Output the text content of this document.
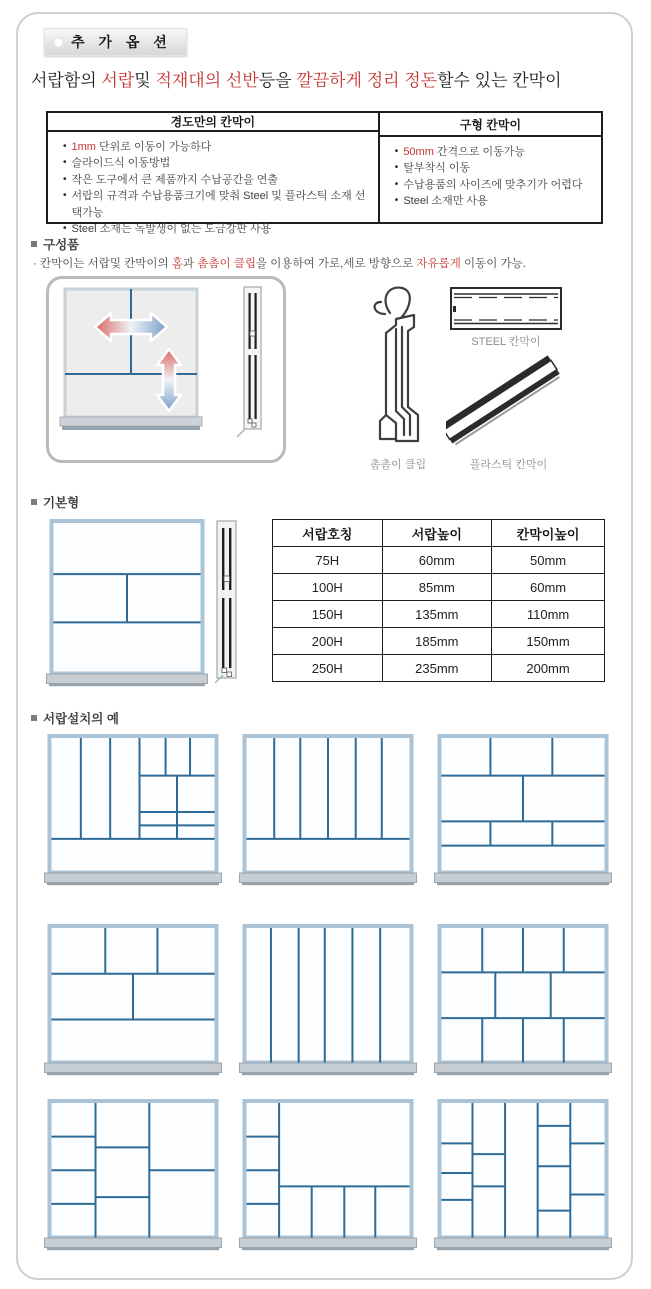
추 가 옵 션
서랍함의 서랍및 적재대의 선반등을 깔끔하게 정리 정돈할수 있는 칸막이
경도만의 칸막이
• 1mm 단위로 이동이 가능하다
• 슬라이드식 이동방법
• 작은 도구에서 큰 제품까지 수납공간을 연출
• 서랍의 규격과 수납용품크기에 맞춰 Steel 및 플라스틱 소재 선택가능
• Steel 소재는 녹발생이 없는 도금강판 사용
구형 칸막이
• 50mm 간격으로 이동가능
• 탈부착식 이동
• 수납용품의 사이즈에 맞추기가 어렵다
• Steel 소재만 사용
구성품
· 칸막이는 서랍및 칸막이의 홈과 촘촘이 클립을 이용하여 가로,세로 방향으로 자유롭게 이동이 가능.
촘촘이 클립
STEEL 칸막이
플라스틱 칸막이
기본형
서랍호칭	서랍높이	칸막이높이
75H	60mm	50mm
100H	85mm	60mm
150H	135mm	110mm
200H	185mm	150mm
250H	235mm	200mm
서랍설치의 예
